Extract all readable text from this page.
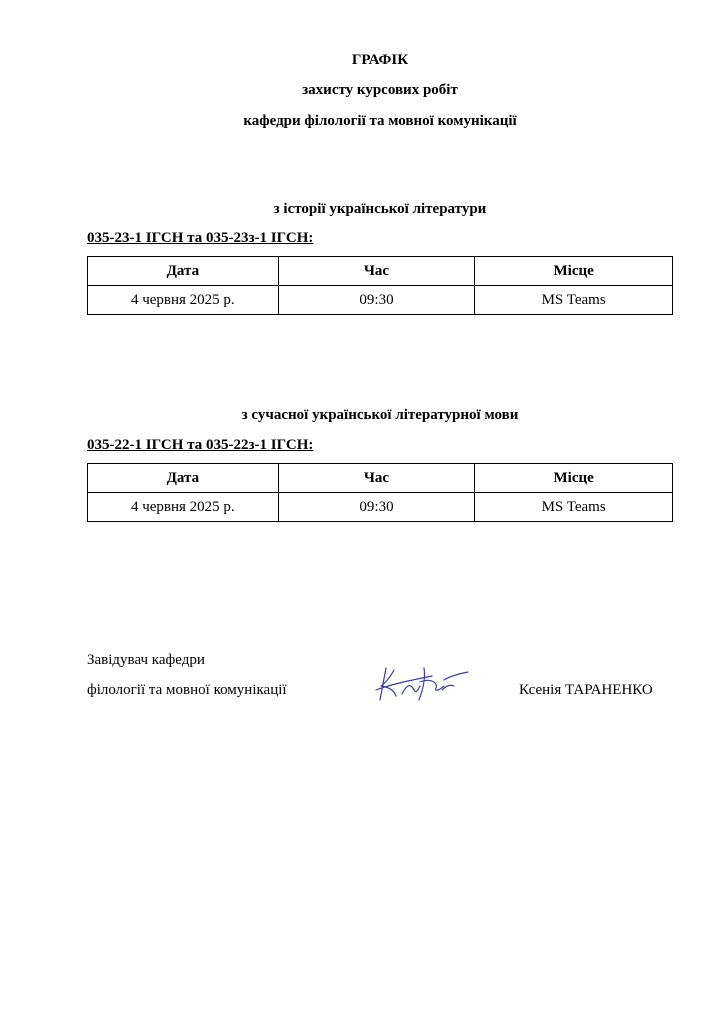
ГРАФІК
захисту курсових робіт
кафедри філології та мовної комунікації
з історії української літератури
035-23-1 ІГСН та 035-23з-1 ІГСН:
Дата	Час	Місце
4 червня 2025 р.	09:30	MS Teams
з сучасної української літературної мови
035-22-1 ІГСН та 035-22з-1 ІГСН:
Дата	Час	Місце
4 червня 2025 р.	09:30	MS Teams
Завідувач кафедри
філології та мовної комунікації	Ксенія ТАРАНЕНКО
